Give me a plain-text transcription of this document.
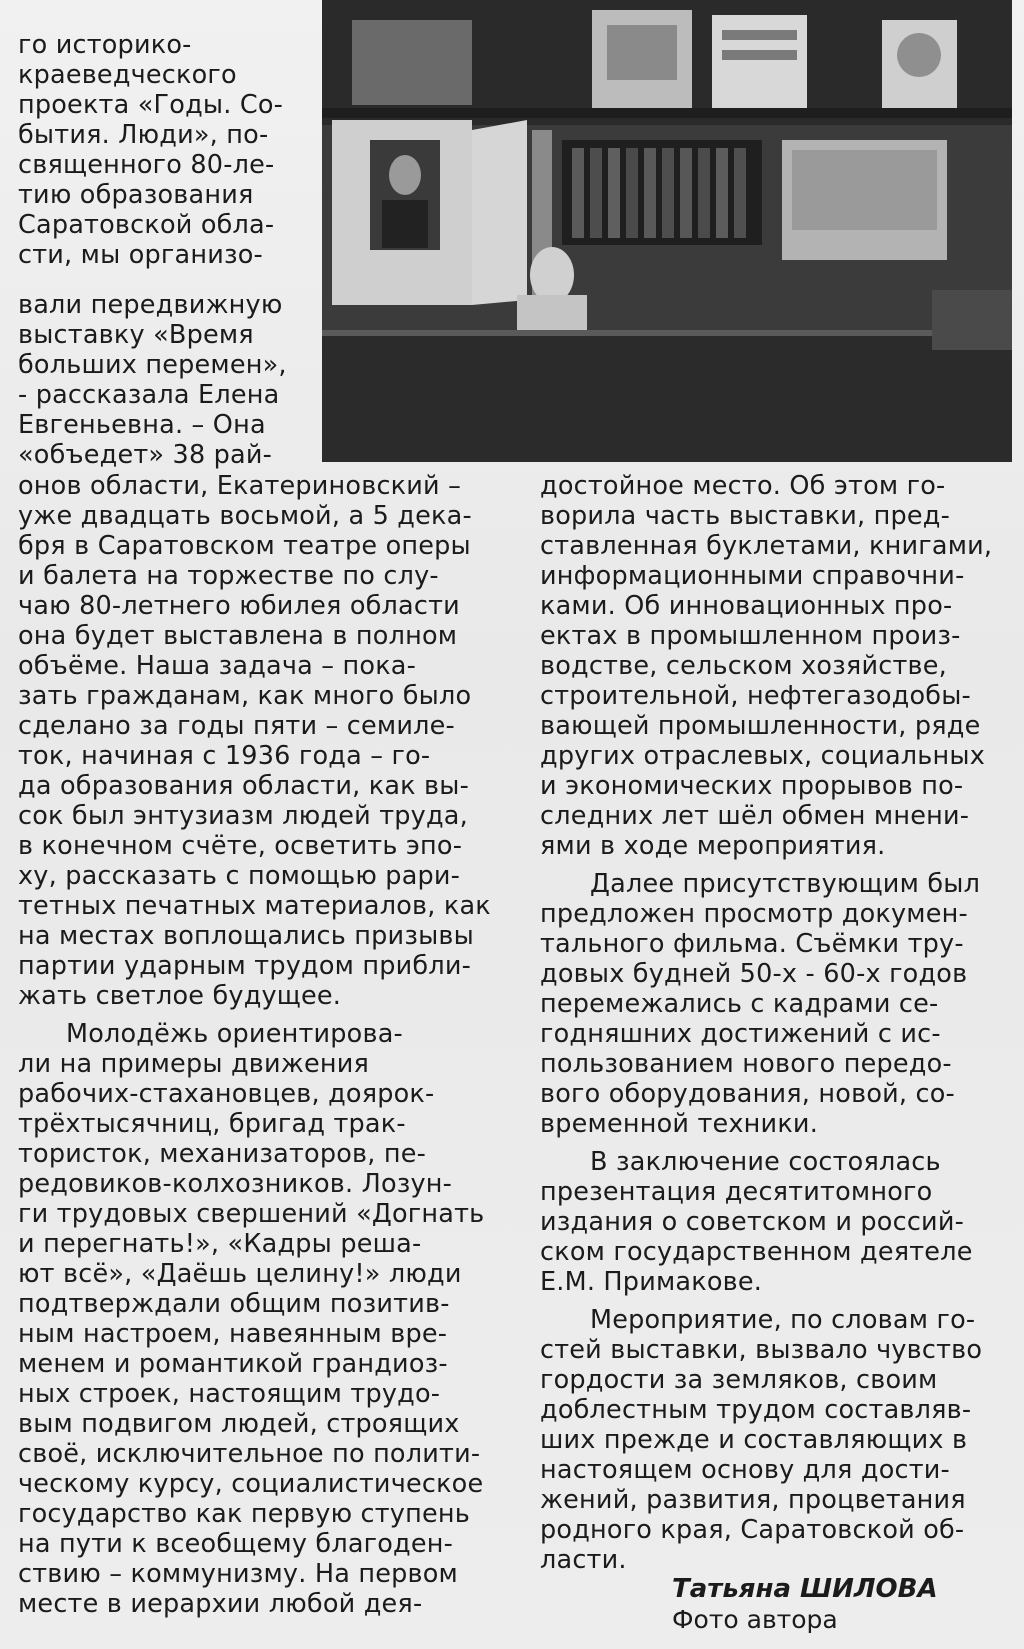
го историко-
краеведческого
проекта «Годы. Со-
бытия. Люди», по-
священного 80-ле-
тию образования
Саратовской обла-
сти, мы организо-
вали передвижную
выставку «Время
больших перемен»,
- рассказала Елена
Евгеньевна. – Она
«объедет» 38 рай-
онов области, Екатериновский –
уже двадцать восьмой, а 5 дека-
бря в Саратовском театре оперы
и балета на торжестве по слу-
чаю 80-летнего юбилея области
она будет выставлена в полном
объёме. Наша задача – пока-
зать гражданам, как много было
сделано за годы пяти – семиле-
ток, начиная с 1936 года – го-
да образования области, как вы-
сок был энтузиазм людей труда,
в конечном счёте, осветить эпо-
ху, рассказать с помощью рари-
тетных печатных материалов, как
на местах воплощались призывы
партии ударным трудом прибли-
жать светлое будущее.
Молодёжь ориентирова-
ли на примеры движения
рабочих-стахановцев, доярок-
трёхтысячниц, бригад трак-
тористок, механизаторов, пе-
редовиков-колхозников. Лозун-
ги трудовых свершений «Догнать
и перегнать!», «Кадры реша-
ют всё», «Даёшь целину!» люди
подтверждали общим позитив-
ным настроем, навеянным вре-
менем и романтикой грандиоз-
ных строек, настоящим трудо-
вым подвигом людей, строящих
своё, исключительное по полити-
ческому курсу, социалистическое
государство как первую ступень
на пути к всеобщему благоден-
ствию – коммунизму. На первом
месте в иерархии любой дея-
достойное место. Об этом го-
ворила часть выставки, пред-
ставленная буклетами, книгами,
информационными справочни-
ками. Об инновационных про-
ектах в промышленном произ-
водстве, сельском хозяйстве,
строительной, нефтегазодобы-
вающей промышленности, ряде
других отраслевых, социальных
и экономических прорывов по-
следних лет шёл обмен мнени-
ями в ходе мероприятия.
Далее присутствующим был
предложен просмотр докумен-
тального фильма. Съёмки тру-
довых будней 50-х - 60-х годов
перемежались с кадрами се-
годняшних достижений с ис-
пользованием нового передо-
вого оборудования, новой, со-
временной техники.
В заключение состоялась
презентация десятитомного
издания о советском и россий-
ском государственном деятеле
Е.М. Примакове.
Мероприятие, по словам го-
стей выставки, вызвало чувство
гордости за земляков, своим
доблестным трудом составляв-
ших прежде и составляющих в
настоящем основу для дости-
жений, развития, процветания
родного края, Саратовской об-
ласти.
Татьяна ШИЛОВА
Фото автора
